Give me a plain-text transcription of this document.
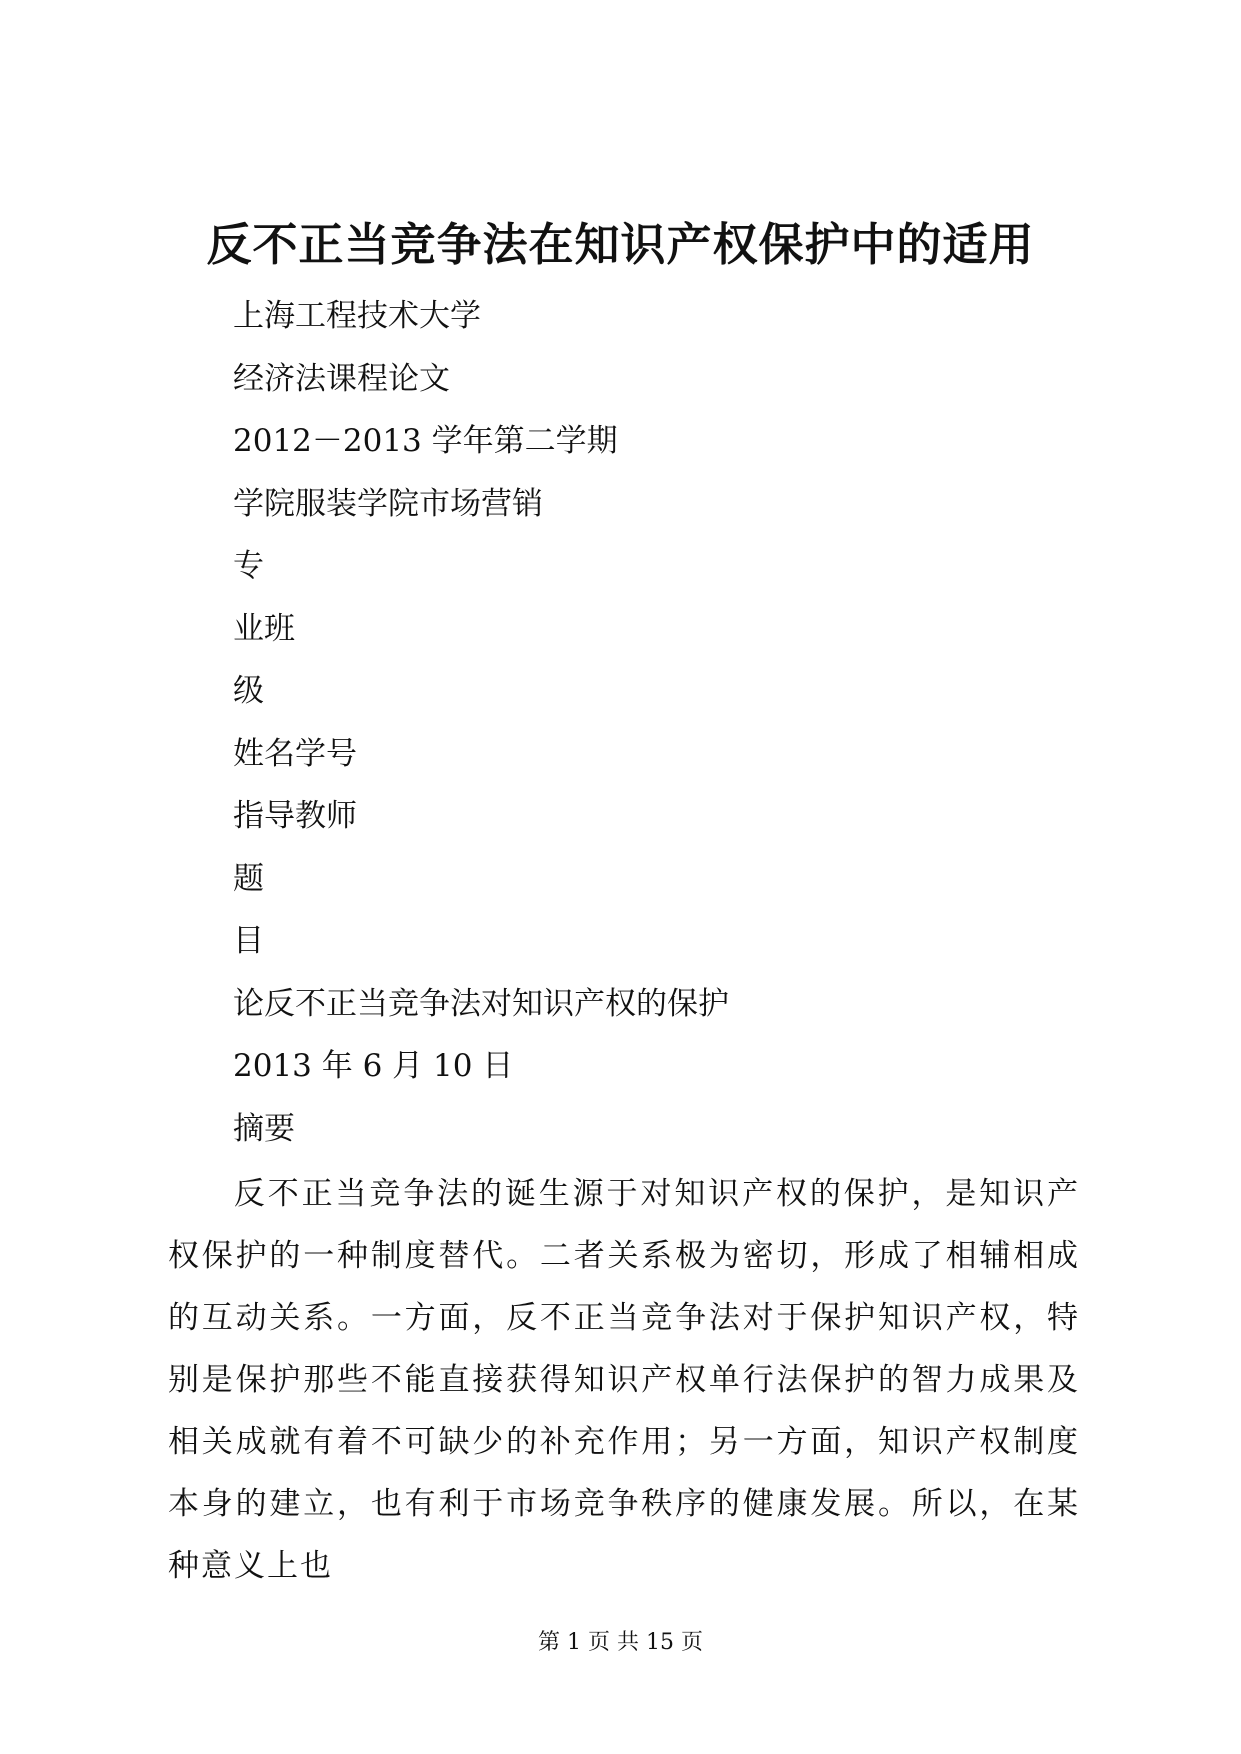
反不正当竞争法在知识产权保护中的适用
上海工程技术大学
经济法课程论文
2012－2013 学年第二学期
学院服装学院市场营销
专
业班
级
姓名学号
指导教师
题
目
论反不正当竞争法对知识产权的保护
2013 年 6 月 10 日
摘要

反不正当竞争法的诞生源于对知识产权的保护，是知识产权保护的一种制度替代。二者关系极为密切，形成了相辅相成的互动关系。一方面，反不正当竞争法对于保护知识产权，特别是保护那些不能直接获得知识产权单行法保护的智力成果及相关成就有着不可缺少的补充作用；另一方面，知识产权制度本身的建立，也有利于市场竞争秩序的健康发展。所以，在某种意义上也

第 1 页 共 15 页
